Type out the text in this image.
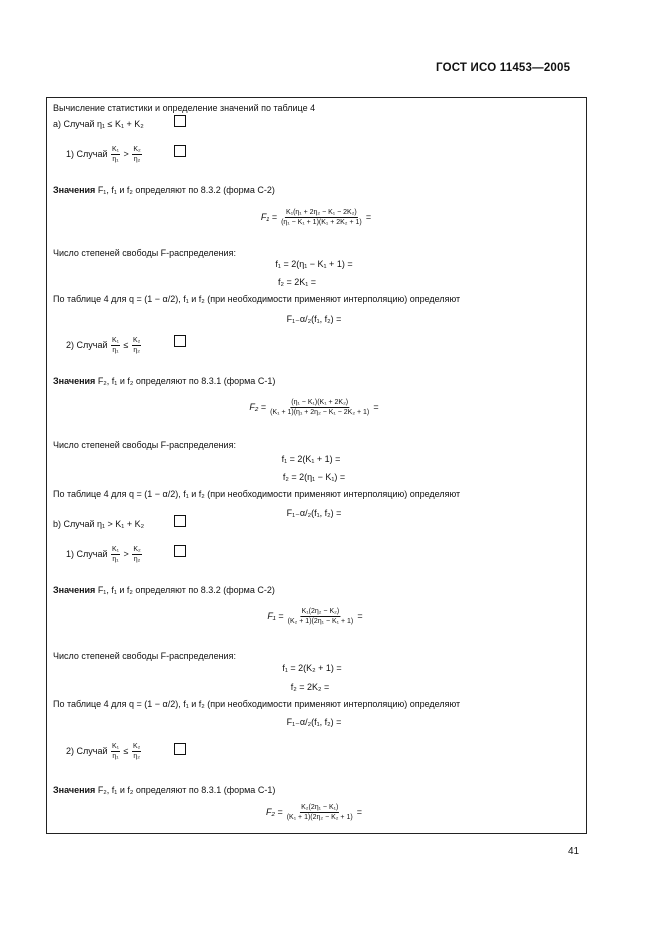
ГОСТ ИСО 11453—2005
Вычисление статистики и определение значений по таблице 4
а) Случай η₁ ≤ K₁ + K₂
1) Случай $\frac{\text{K₁}}{\text{η₁}} > \frac{\text{K₂}}{\text{η₂}}$
Значения F₁, f₁ и f₂ определяют по 8.3.2 (форма С-2)
$F_1 = \frac{\text{K₁(η₁ + 2η₂ − K₁ − 2K₂)}}{\text{(η₁ − K₁ + 1)(K₁ + 2K₂ + 1)}}$ =
Число степеней свободы F-распределения:
f₁ = 2(η₁ − K₁ + 1) =
f₂ = 2K₁ =
По таблице 4 для q = (1 − α/2), f₁ и f₂ (при необходимости применяют интерполяцию) определяют
F₁₋α/₂(f₁, f₂) =
2) Случай $\frac{\text{K₁}}{\text{η₁}} \le \frac{\text{K₂}}{\text{η₂}}$
Значения F₂, f₁ и f₂ определяют по 8.3.1 (форма С-1)
$F_2 = \frac{\text{(η₁ − K₁)(K₁ + 2K₂)}}{\text{(K₁ + 1)(η₁ + 2η₂ − K₁ − 2K₂ + 1)}}$ =
Число степеней свободы F-распределения:
f₁ = 2(K₁ + 1) =
f₂ = 2(η₁ − K₁) =
По таблице 4 для q = (1 − α/2), f₁ и f₂ (при необходимости применяют интерполяцию) определяют
F₁₋α/₂(f₁, f₂) =
b) Случай η₁ > K₁ + K₂
1) Случай $\frac{\text{K₁}}{\text{η₁}} > \frac{\text{K₂}}{\text{η₂}}$
Значения F₁, f₁ и f₂ определяют по 8.3.2 (форма С-2)
$F_1 = \frac{\text{K₁(2η₂ − K₂)}}{\text{(K₂ + 1)(2η₁ − K₁ + 1)}}$ =
Число степеней свободы F-распределения:
f₁ = 2(K₂ + 1) =
f₂ = 2K₂ =
По таблице 4 для q = (1 − α/2), f₁ и f₂ (при необходимости применяют интерполяцию) определяют
F₁₋α/₂(f₁, f₂) =
2) Случай $\frac{\text{K₁}}{\text{η₁}} \le \frac{\text{K₂}}{\text{η₂}}$
Значения F₂, f₁ и f₂ определяют по 8.3.1 (форма С-1)
$F_2 = \frac{\text{K₂(2η₁ − K₁)}}{\text{(K₁ + 1)(2η₂ − K₂ + 1)}}$ =
41
